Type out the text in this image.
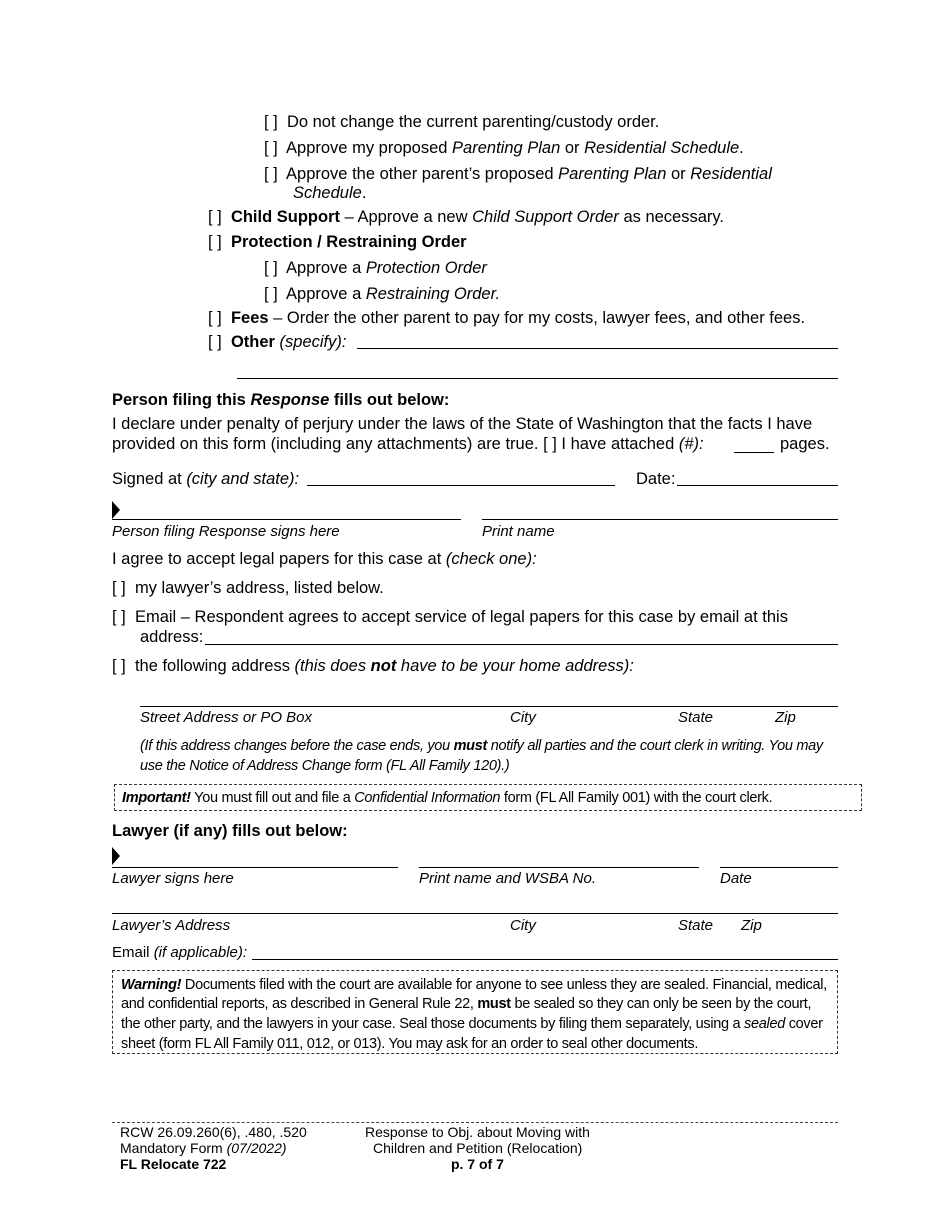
[ ] Do not change the current parenting/custody order.
[ ] Approve my proposed Parenting Plan or Residential Schedule.
[ ] Approve the other parent’s proposed Parenting Plan or Residential
Schedule.
[ ] Child Support – Approve a new Child Support Order as necessary.
[ ] Protection / Restraining Order
[ ] Approve a Protection Order
[ ] Approve a Restraining Order.
[ ] Fees – Order the other parent to pay for my costs, lawyer fees, and other fees.
[ ] Other (specify):
Person filing this Response fills out below:
I declare under penalty of perjury under the laws of the State of Washington that the facts I have
provided on this form (including any attachments) are true. [ ] I have attached (#):	pages.
Signed at (city and state):	Date:
Person filing Response signs here	Print name
I agree to accept legal papers for this case at (check one):
[ ] my lawyer’s address, listed below.
[ ] Email – Respondent agrees to accept service of legal papers for this case by email at this
address:
[ ] the following address (this does not have to be your home address):
Street Address or PO Box	City	State	Zip
(If this address changes before the case ends, you must notify all parties and the court clerk in writing. You may
use the Notice of Address Change form (FL All Family 120).)
Important! You must fill out and file a Confidential Information form (FL All Family 001) with the court clerk.
Lawyer (if any) fills out below:
Lawyer signs here	Print name and WSBA No.	Date
Lawyer’s Address	City	State Zip
Email (if applicable):
Warning! Documents filed with the court are available for anyone to see unless they are sealed. Financial, medical,
and confidential reports, as described in General Rule 22, must be sealed so they can only be seen by the court,
the other party, and the lawyers in your case. Seal those documents by filing them separately, using a sealed cover
sheet (form FL All Family 011, 012, or 013). You may ask for an order to seal other documents.
RCW 26.09.260(6), .480, .520
Mandatory Form (07/2022)
FL Relocate 722
Response to Obj. about Moving with
Children and Petition (Relocation)
p. 7 of 7
